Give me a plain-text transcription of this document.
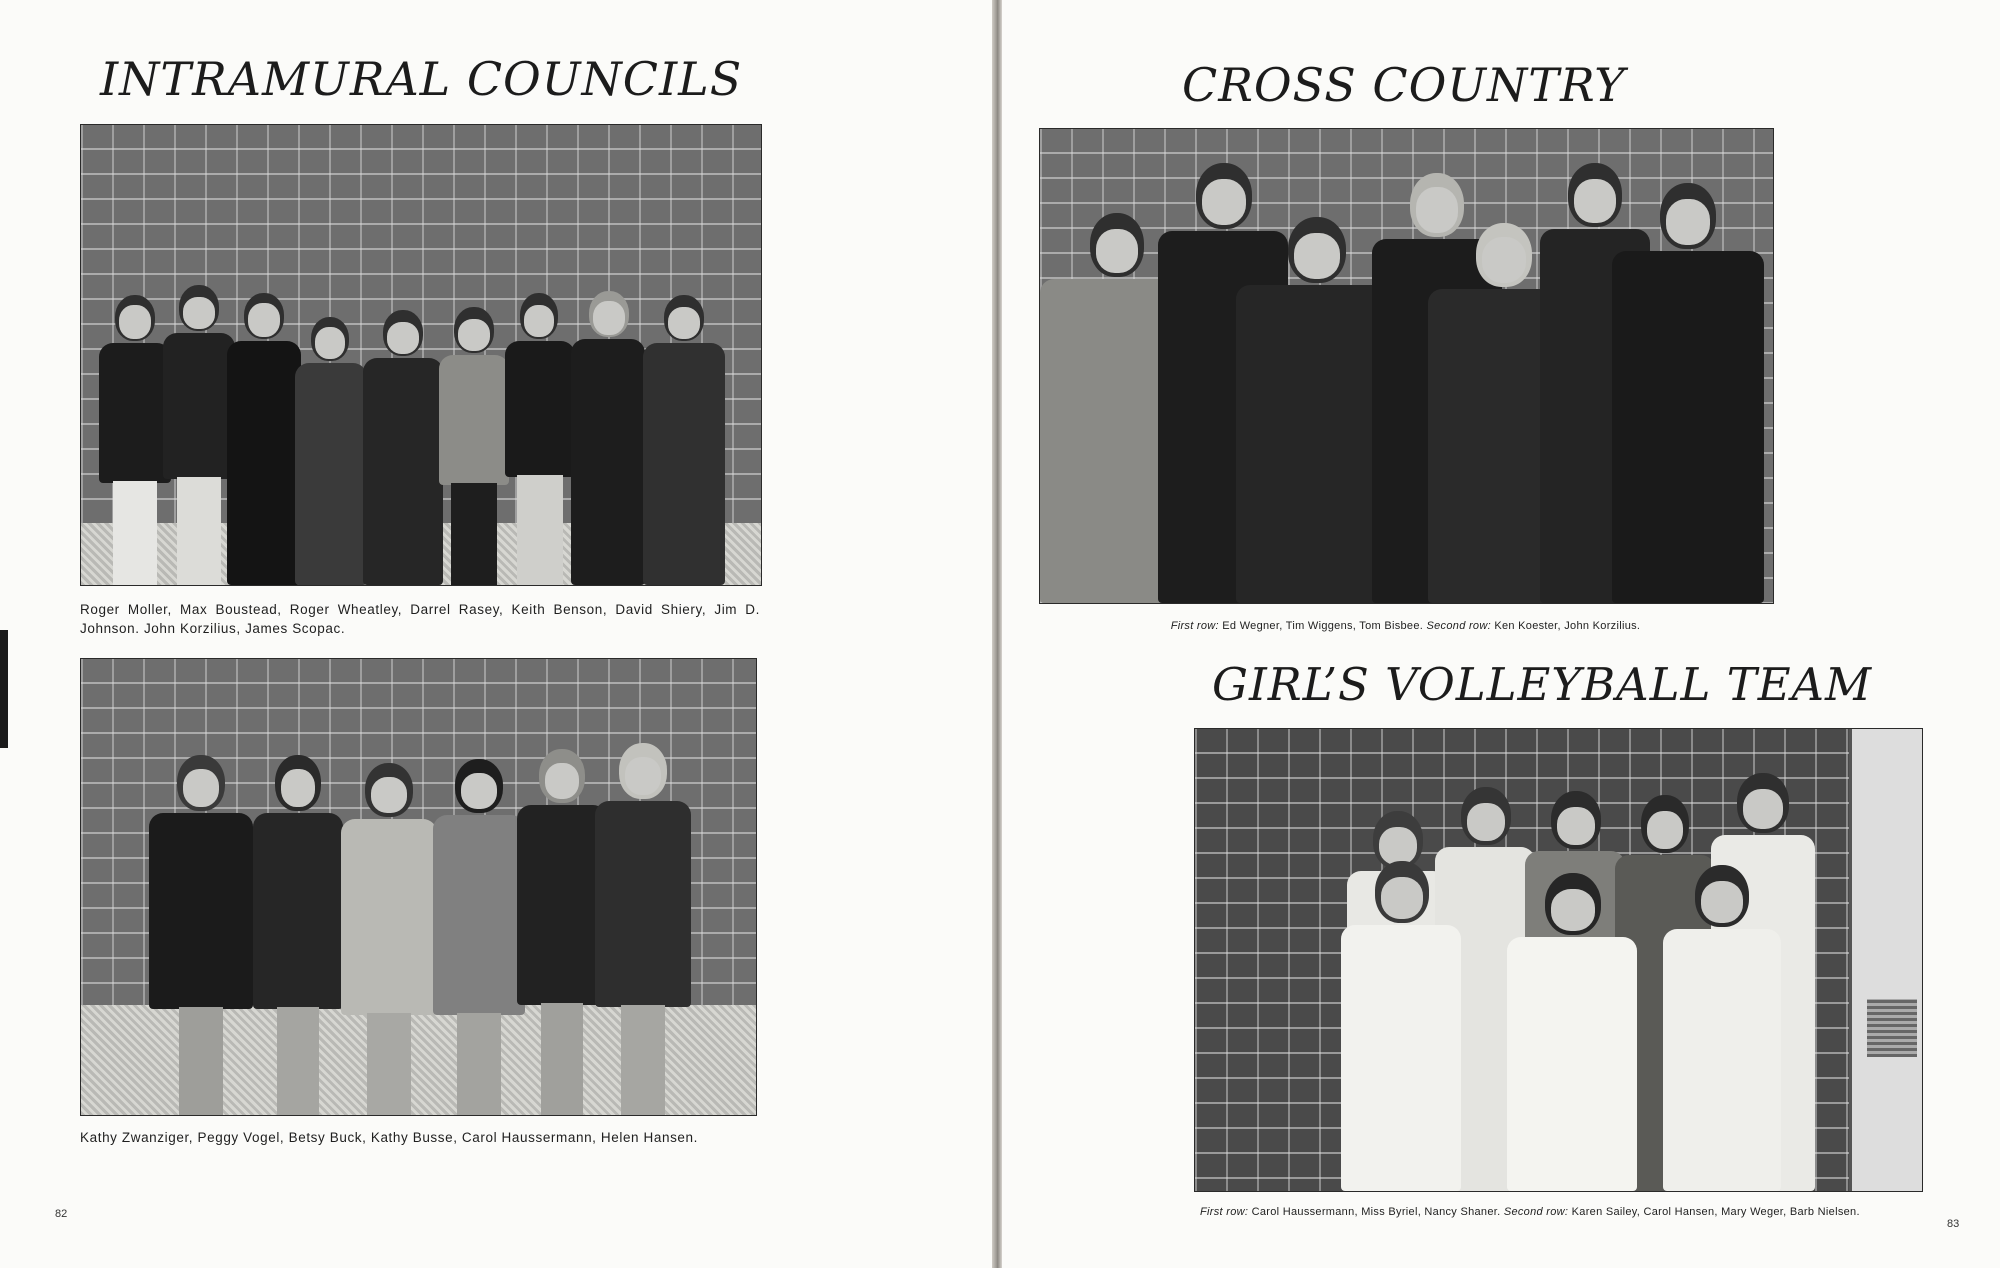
INTRAMURAL COUNCILS

Roger Moller, Max Boustead, Roger Wheatley, Darrel Rasey, Keith Benson, David Shiery, Jim D. Johnson. John Korzilius, James Scopac.

Kathy Zwanziger, Peggy Vogel, Betsy Buck, Kathy Busse, Carol Haussermann, Helen Hansen.

82
CROSS COUNTRY

First row: Ed Wegner, Tim Wiggens, Tom Bisbee. Second row: Ken Koester, John Korzilius.

GIRL’S VOLLEYBALL TEAM

First row: Carol Haussermann, Miss Byriel, Nancy Shaner. Second row: Karen Sailey, Carol Hansen, Mary Weger, Barb Nielsen.

83
